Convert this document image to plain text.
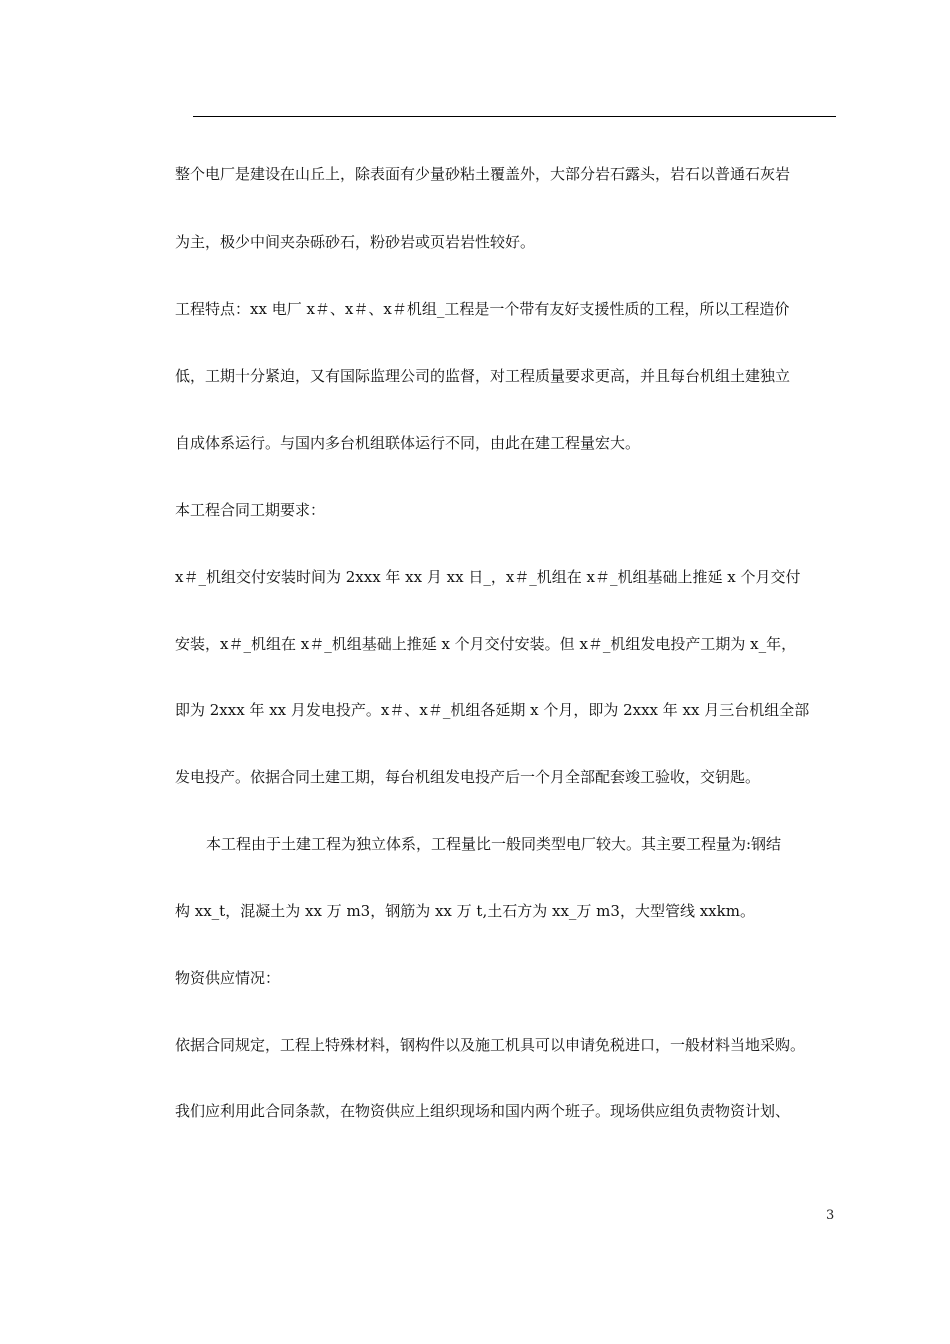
整个电厂是建设在山丘上，除表面有少量砂粘土覆盖外，大部分岩石露头，岩石以普通石灰岩
为主，极少中间夹杂砾砂石，粉砂岩或页岩岩性较好。
工程特点：xx 电厂 x＃、x＃、x＃机组_工程是一个带有友好支援性质的工程，所以工程造价
低，工期十分紧迫，又有国际监理公司的监督，对工程质量要求更高，并且每台机组土建独立
自成体系运行。与国内多台机组联体运行不同，由此在建工程量宏大。
本工程合同工期要求：
x＃_机组交付安装时间为 2xxx 年 xx 月 xx 日_，x＃_机组在 x＃_机组基础上推延 x 个月交付
安装，x＃_机组在 x＃_机组基础上推延 x 个月交付安装。但 x＃_机组发电投产工期为 x_年，
即为 2xxx 年 xx 月发电投产。x＃、x＃_机组各延期 x 个月，即为 2xxx 年 xx 月三台机组全部
发电投产。依据合同土建工期，每台机组发电投产后一个月全部配套竣工验收，交钥匙。
本工程由于土建工程为独立体系，工程量比一般同类型电厂较大。其主要工程量为:钢结
构 xx_t，混凝土为 xx 万 m3，钢筋为 xx 万 t,土石方为 xx_万 m3，大型管线 xxkm。
物资供应情况：
依据合同规定，工程上特殊材料，钢构件以及施工机具可以申请免税进口，一般材料当地采购。
我们应利用此合同条款，在物资供应上组织现场和国内两个班子。现场供应组负责物资计划、
3
